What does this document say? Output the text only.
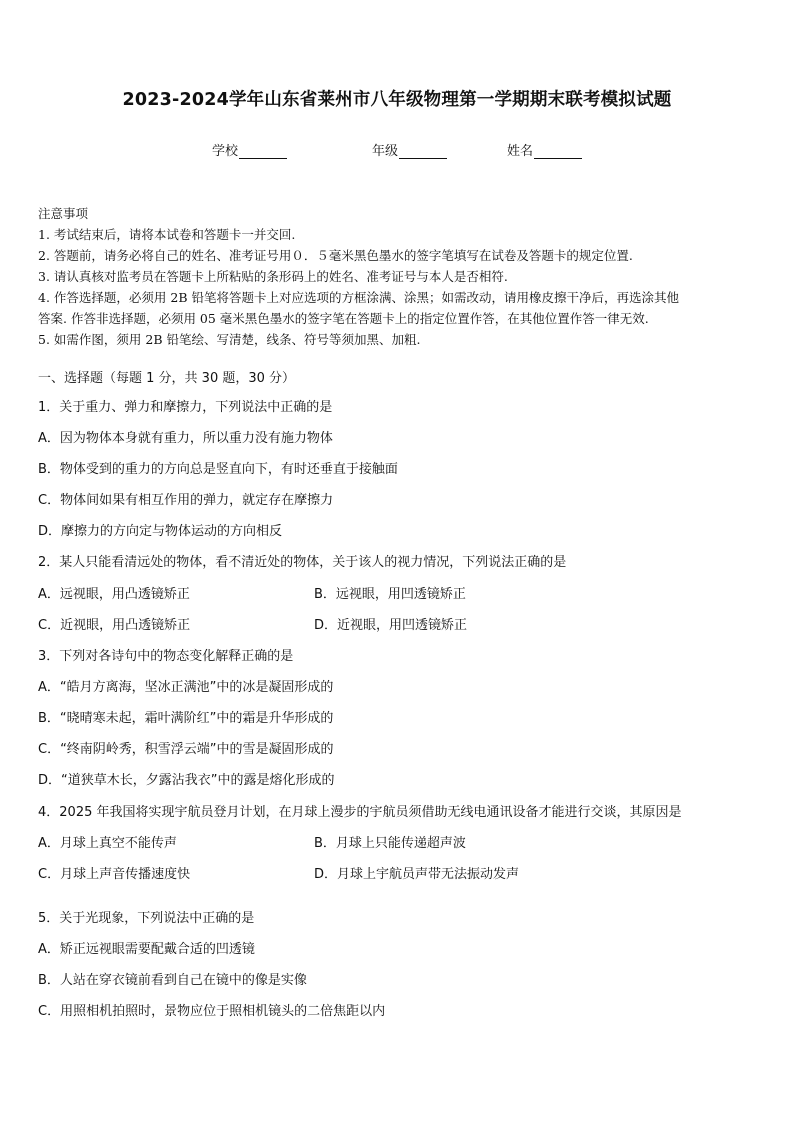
2023-2024学年山东省莱州市八年级物理第一学期期末联考模拟试题
学校	年级	姓名
注意事项
1. 考试结束后，请将本试卷和答题卡一并交回.
2. 答题前，请务必将自己的姓名、准考证号用０．５毫米黑色墨水的签字笔填写在试卷及答题卡的规定位置.
3. 请认真核对监考员在答题卡上所粘贴的条形码上的姓名、准考证号与本人是否相符.
4. 作答选择题，必须用 2B 铅笔将答题卡上对应选项的方框涂满、涂黑；如需改动，请用橡皮擦干净后，再选涂其他
答案. 作答非选择题，必须用 05 毫米黑色墨水的签字笔在答题卡上的指定位置作答，在其他位置作答一律无效.
5. 如需作图，须用 2B 铅笔绘、写清楚，线条、符号等须加黑、加粗.
一、选择题（每题 1 分，共 30 题，30 分）
1．关于重力、弹力和摩擦力，下列说法中正确的是
A．因为物体本身就有重力，所以重力没有施力物体
B．物体受到的重力的方向总是竖直向下，有时还垂直于接触面
C．物体间如果有相互作用的弹力，就定存在摩擦力
D．摩擦力的方向定与物体运动的方向相反
2．某人只能看清远处的物体，看不清近处的物体，关于该人的视力情况，下列说法正确的是
A．远视眼，用凸透镜矫正	B．远视眼，用凹透镜矫正
C．近视眼，用凸透镜矫正	D．近视眼，用凹透镜矫正
3．下列对各诗句中的物态变化解释正确的是
A．“皓月方离海，坚冰正满池”中的冰是凝固形成的
B．“晓晴寒未起，霜叶满阶红”中的霜是升华形成的
C．“终南阴岭秀，积雪浮云端”中的雪是凝固形成的
D．“道狭草木长，夕露沾我衣”中的露是熔化形成的
4．2025 年我国将实现宇航员登月计划，在月球上漫步的宇航员须借助无线电通讯设备才能进行交谈，其原因是
A．月球上真空不能传声	B．月球上只能传递超声波
C．月球上声音传播速度快	D．月球上宇航员声带无法振动发声
5．关于光现象，下列说法中正确的是
A．矫正远视眼需要配戴合适的凹透镜
B．人站在穿衣镜前看到自己在镜中的像是实像
C．用照相机拍照时，景物应位于照相机镜头的二倍焦距以内
